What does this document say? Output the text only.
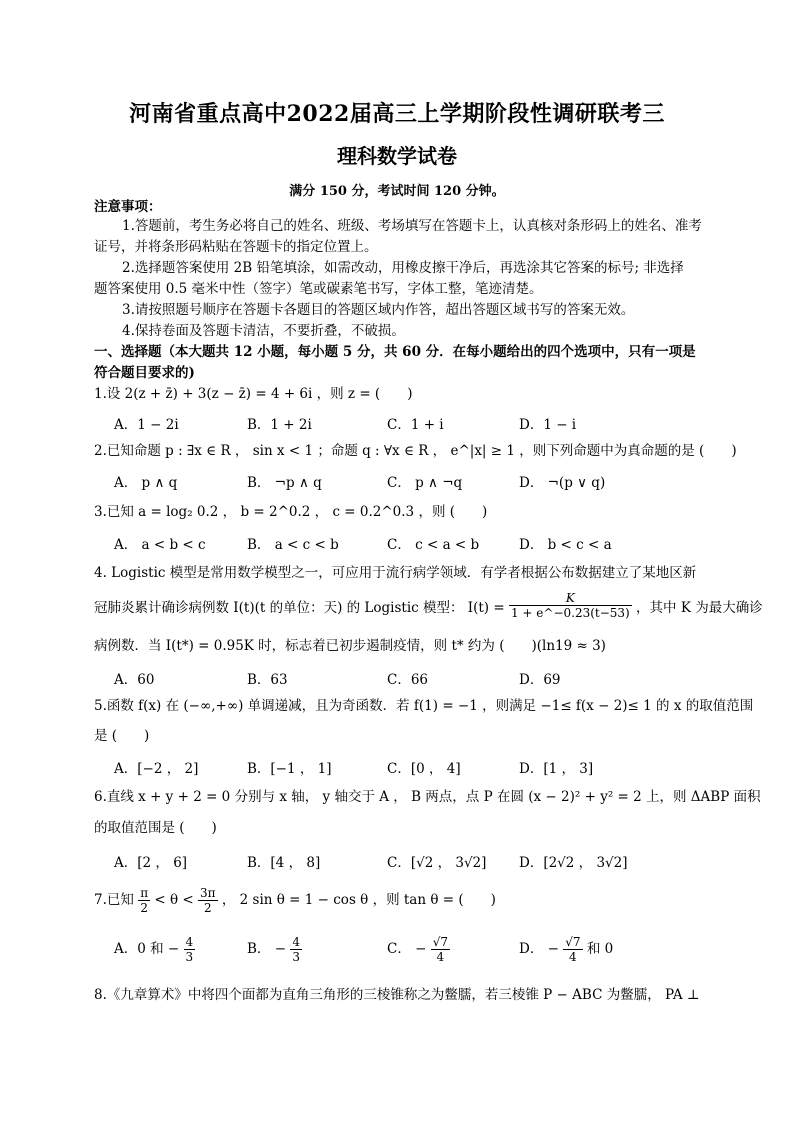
河南省重点高中2022届高三上学期阶段性调研联考三
理科数学试卷
满分 150 分，考试时间 120 分钟。
注意事项：
1.答题前，考生务必将自己的姓名、班级、考场填写在答题卡上，认真核对条形码上的姓名、准考
证号，并将条形码粘贴在答题卡的指定位置上。
2.选择题答案使用 2B 铅笔填涂，如需改动，用橡皮擦干净后，再选涂其它答案的标号; 非选择
题答案使用 0.5 毫米中性（签字）笔或碳素笔书写，字体工整，笔迹清楚。
3.请按照题号顺序在答题卡各题目的答题区域内作答，超出答题区域书写的答案无效。
4.保持卷面及答题卡清洁，不要折叠，不破损。
一、选择题（本大题共 12 小题，每小题 5 分，共 60 分．在每小题给出的四个选项中，只有一项是
符合题目要求的)
1.设 2(z + z̄) + 3(z − z̄) = 4 + 6i ，则 z = (　　)
A．1 − 2i	B．1 + 2i	C．1 + i	D．1 − i
2.已知命题 p : ∃x ∈ R ， sin x < 1 ；命题 q : ∀x ∈ R ， e^|x| ≥ 1 ，则下列命题中为真命题的是 (　　)
A． p ∧ q	B． ¬p ∧ q	C． p ∧ ¬q	D． ¬(p ∨ q)
3.已知 a = log₂ 0.2 ， b = 2^0.2 ， c = 0.2^0.3 ，则 (　　)
A． a < b < c	B． a < c < b	C． c < a < b	D． b < c < a
4. Logistic 模型是常用数学模型之一，可应用于流行病学领域．有学者根据公布数据建立了某地区新
冠肺炎累计确诊病例数 I(t)(t 的单位：天) 的 Logistic 模型： $I(t) = \frac{K}{1 + e\^{}-0.23(t-53)}$ ，其中 K 为最大确诊
病例数．当 I(t*) = 0.95K 时，标志着已初步遏制疫情，则 t* 约为 (　　)(ln19 ≈ 3)
A．60	B．63	C．66	D．69
5.函数 f(x) 在 (−∞,+∞) 单调递减，且为奇函数．若 f(1) = −1 ，则满足 −1≤ f(x − 2)≤ 1 的 x 的取值范围
是 (　　)
A．[−2 ， 2]	B．[−1 ， 1]	C．[0 ， 4]	D．[1 ， 3]
6.直线 x + y + 2 = 0 分别与 x 轴， y 轴交于 A ， B 两点，点 P 在圆 (x − 2)² + y² = 2 上，则 ΔABP 面积
的取值范围是 (　　)
A．[2 ， 6]	B．[4 ， 8]	C．[√2 ， 3√2] D．[2√2 ， 3√2]
7.已知 $\frac{\pi}{2} < \theta < \frac{3\pi}{2}$ ， 2 sin θ = 1 − cos θ ，则 tan θ = (　　)
A．0 和 − $\frac{4}{3}$	B． − $\frac{4}{3}$	C． − $\frac{√7}{4}$	D． − $\frac{√7}{4}$ 和 0
8.《九章算术》中将四个面都为直角三角形的三棱锥称之为鳖臑，若三棱锥 P − ABC 为鳖臑， PA ⊥
